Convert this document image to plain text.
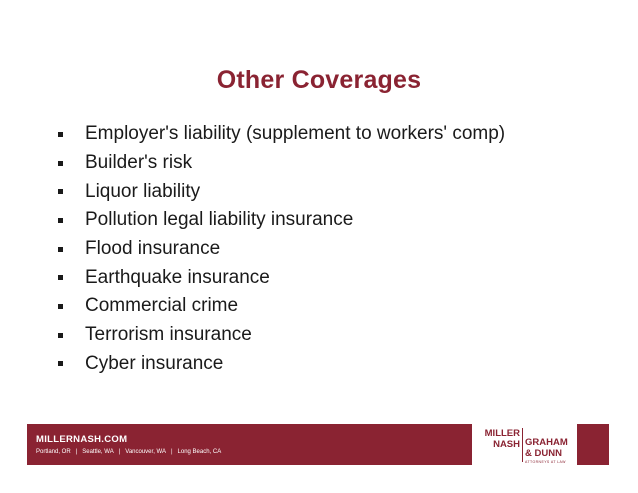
Other Coverages
Employer's liability (supplement to workers' comp)
Builder's risk
Liquor liability
Pollution legal liability insurance
Flood insurance
Earthquake insurance
Commercial crime
Terrorism insurance
Cyber insurance
MILLERNASH.COM
Portland, OR | Seattle, WA | Vancouver, WA | Long Beach, CA
MILLER
NASH GRAHAM
& DUNN
ATTORNEYS AT LAW
